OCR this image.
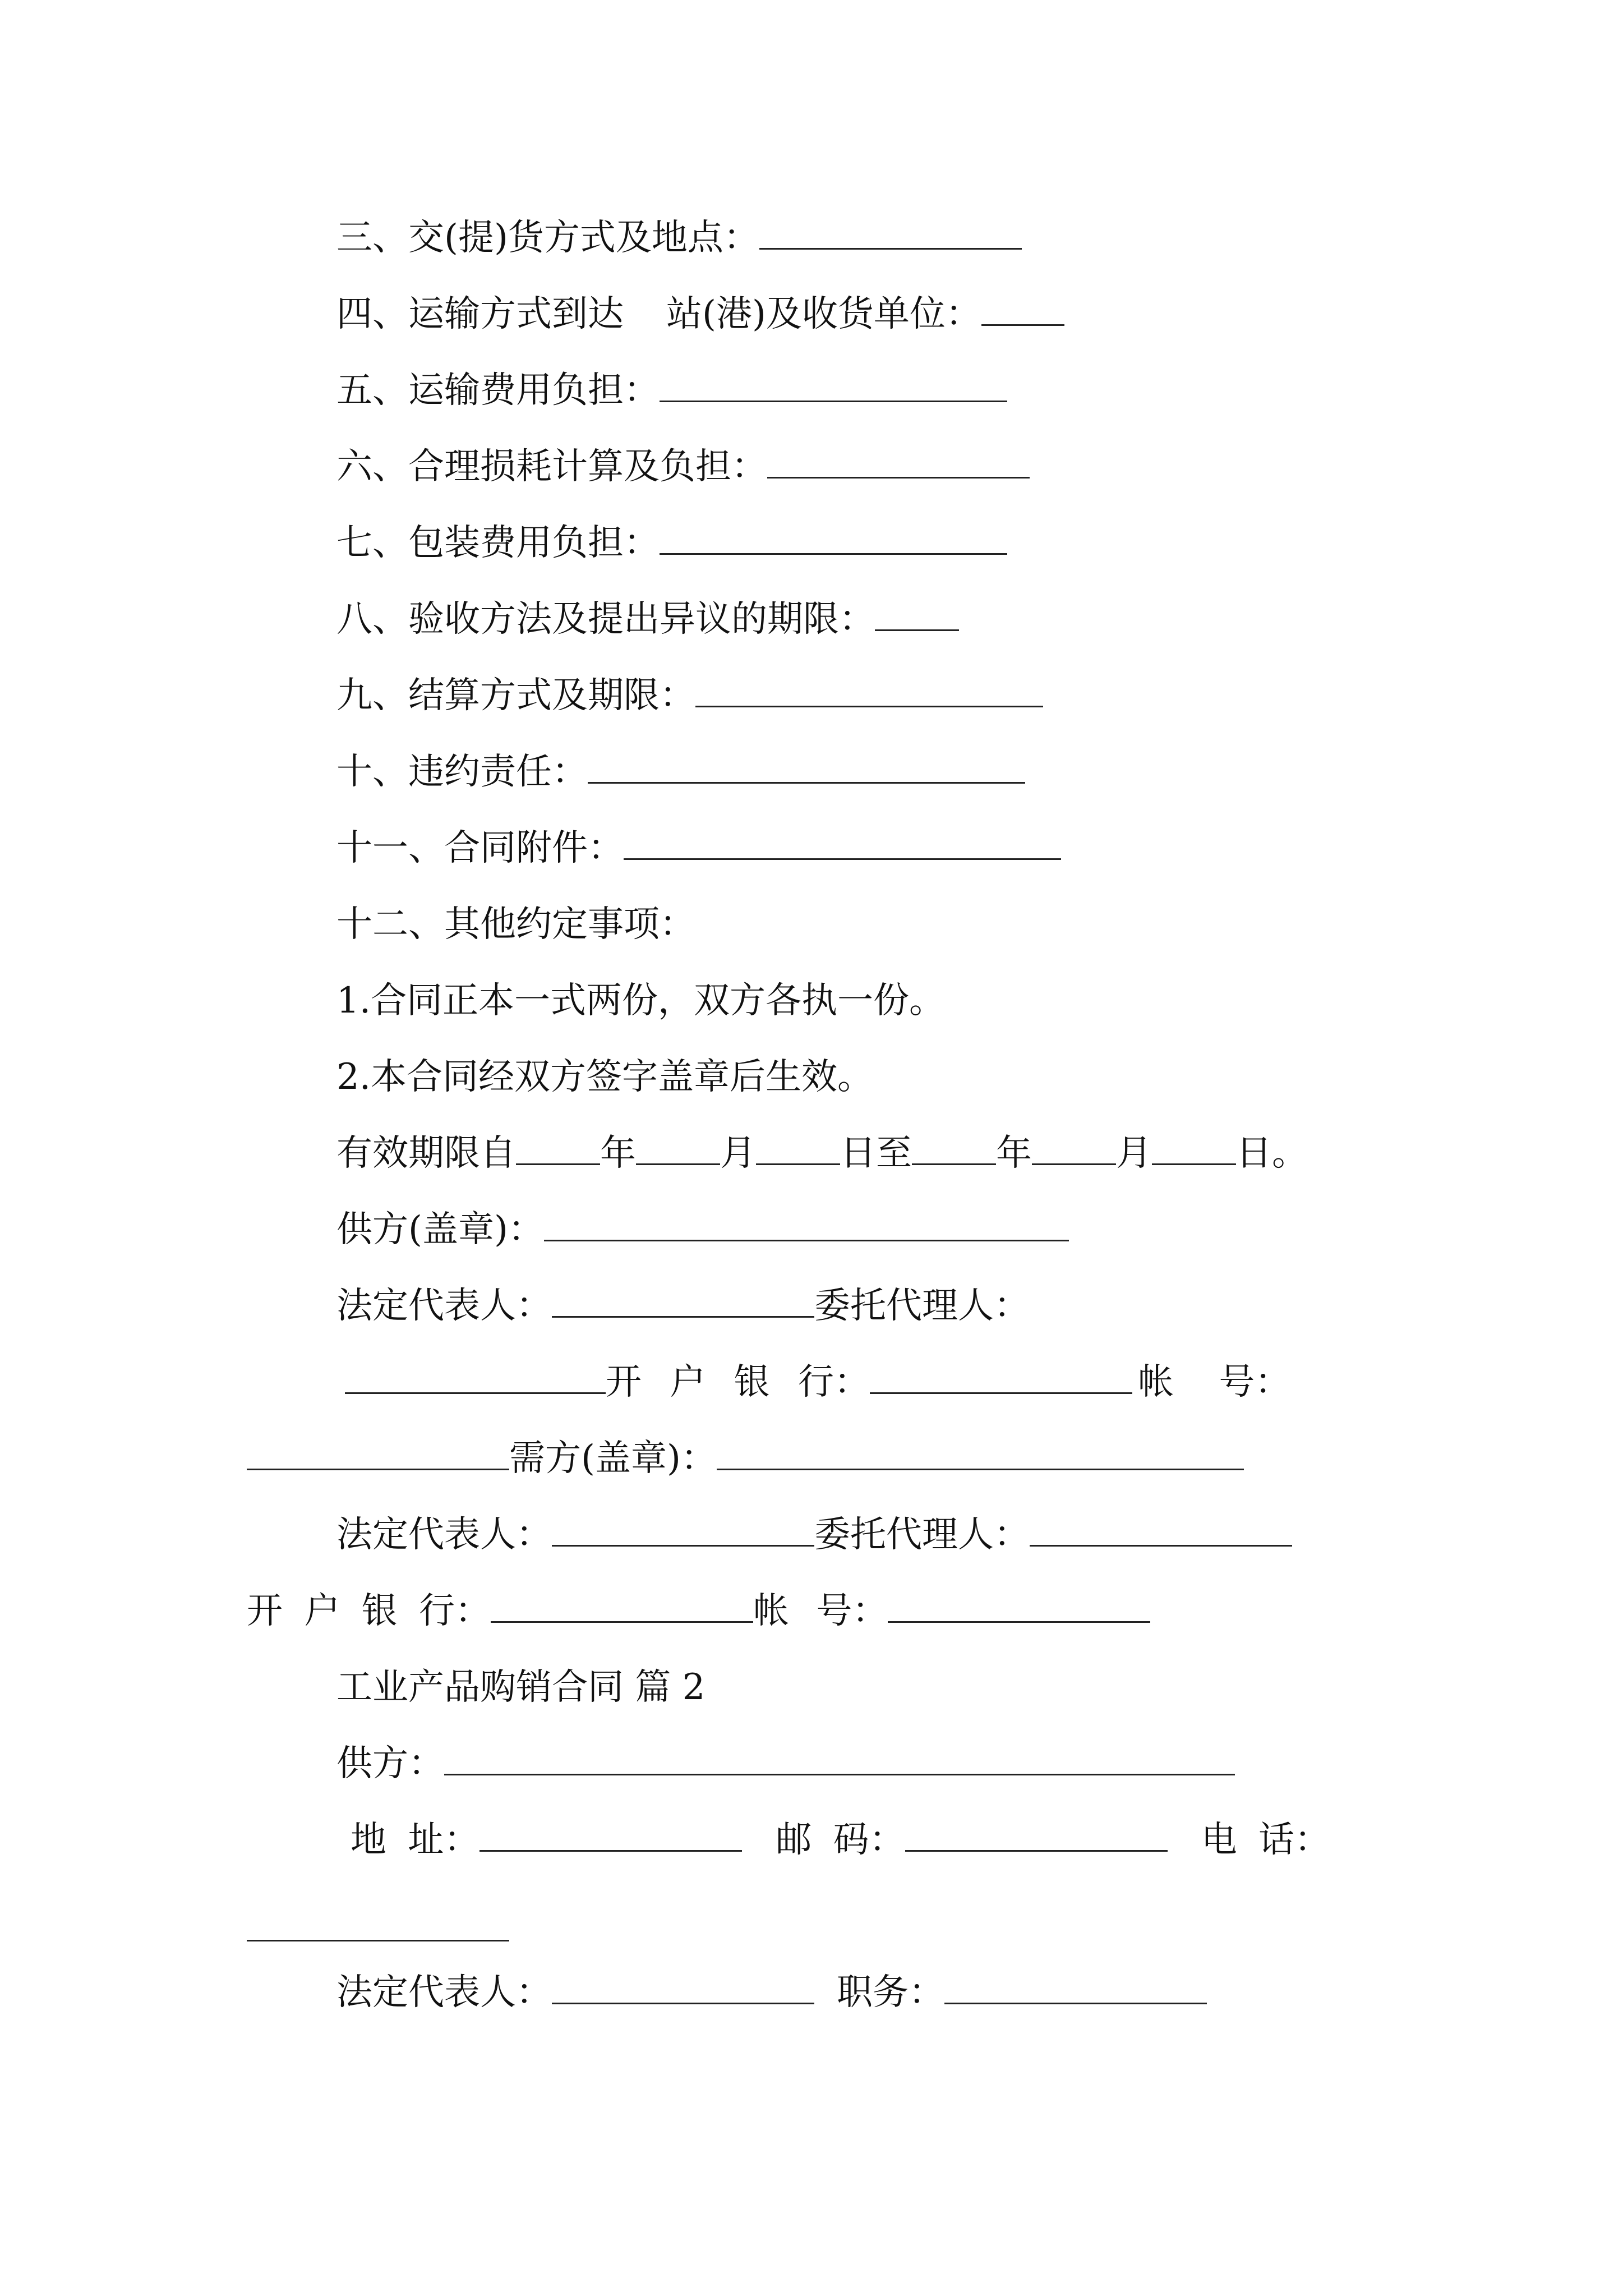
三、交(提)货方式及地点：
四、运输方式到达 站(港)及收货单位：
五、运输费用负担：
六、合理损耗计算及负担：
七、包装费用负担：
八、验收方法及提出异议的期限：
九、结算方式及期限：
十、违约责任：
十一、合同附件：
十二、其他约定事项：
1.合同正本一式两份，双方各执一份。
2.本合同经双方签字盖章后生效。
有效期限自 年 月 日至 年 月 日。
供方(盖章)：
法定代表人：	委托代理人：
开 户 银 行：	帐 号：
需方(盖章)：
法定代表人：	委托代理人：
开 户 银 行：	帐 号：
工业产品购销合同 篇 2
供方：
地 址：	邮 码：	电 话：
法定代表人：	职务：
